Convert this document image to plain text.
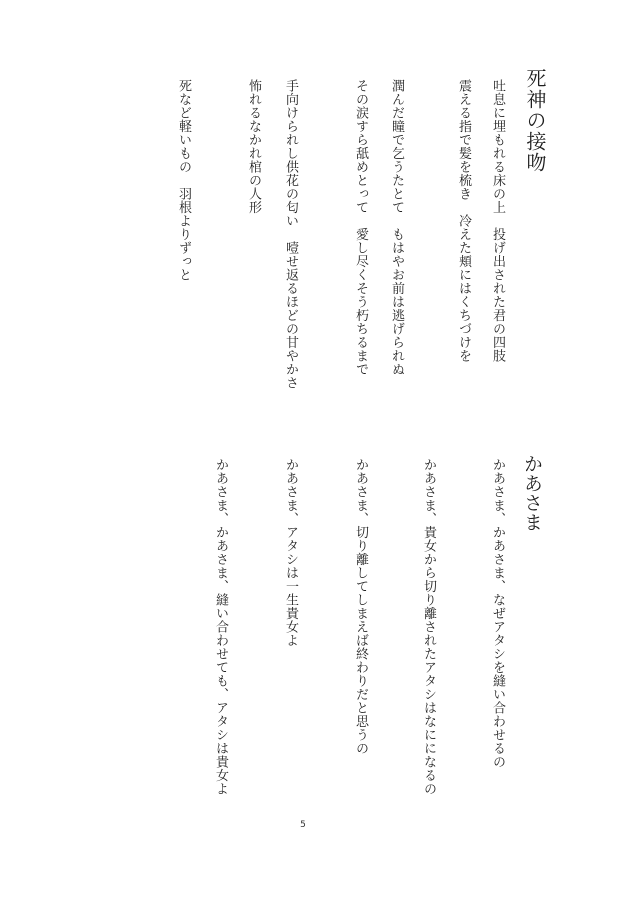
死神の接吻
吐息に埋もれる床の上　投げ出された君の四肢
震える指で髪を梳き　冷えた頬にはくちづけを
潤んだ瞳で乞うたとて　もはやお前は逃げられぬ
その涙すら舐めとって　愛し尽くそう朽ちるまで
手向けられし供花の匂い　噎せ返るほどの甘やかさ
怖れるなかれ棺の人形
死など軽いもの　羽根よりずっと
かあさま
かあさま、かあさま、なぜアタシを縫い合わせるの
かあさま、貴女から切り離されたアタシはなにになるの
かあさま、切り離してしまえば終わりだと思うの
かあさま、アタシは一生貴女よ
かあさま、かあさま、縫い合わせても、アタシは貴女よ
5
